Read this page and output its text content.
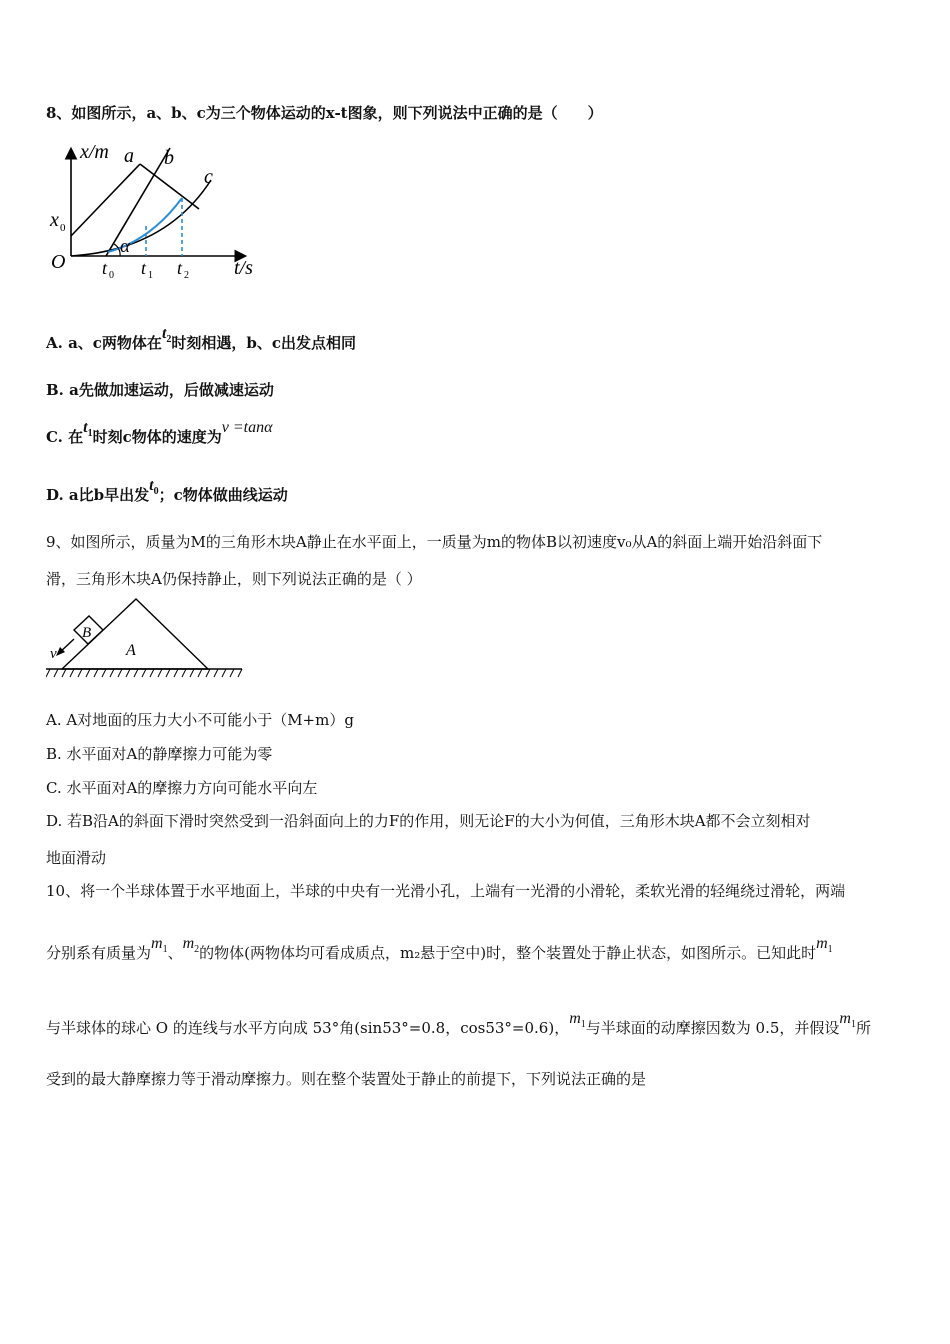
8、如图所示，a、b、c为三个物体运动的x-t图象，则下列说法中正确的是（　　）
x/m
t/s
O
x 0
a b
c
α
t 0 t 1 t 2
A. a、c两物体在$t_2$时刻相遇，b、c出发点相同
B. a先做加速运动，后做减速运动
C. 在$t_1$时刻c物体的速度为v =tanα
D. a比b早出发$t_0$；c物体做曲线运动
9、如图所示，质量为M的三角形木块A静止在水平面上，一质量为m的物体B以初速度v₀从A的斜面上端开始沿斜面下
滑，三角形木块A仍保持静止，则下列说法正确的是（ ）
A
B
v
A. A对地面的压力大小不可能小于（M+m）g
B. 水平面对A的静摩擦力可能为零
C. 水平面对A的摩擦力方向可能水平向左
D. 若B沿A的斜面下滑时突然受到一沿斜面向上的力F的作用，则无论F的大小为何值，三角形木块A都不会立刻相对
地面滑动
10、将一个半球体置于水平地面上，半球的中央有一光滑小孔，上端有一光滑的小滑轮，柔软光滑的轻绳绕过滑轮，两端
分别系有质量为$m_1$、$m_2$的物体(两物体均可看成质点，m₂悬于空中)时，整个装置处于静止状态，如图所示。已知此时$m_1$
与半球体的球心 O 的连线与水平方向成 53°角(sin53°=0.8，cos53°=0.6)，$m_1$与半球面的动摩擦因数为 0.5，并假设$m_1$所
受到的最大静摩擦力等于滑动摩擦力。则在整个装置处于静止的前提下，下列说法正确的是
